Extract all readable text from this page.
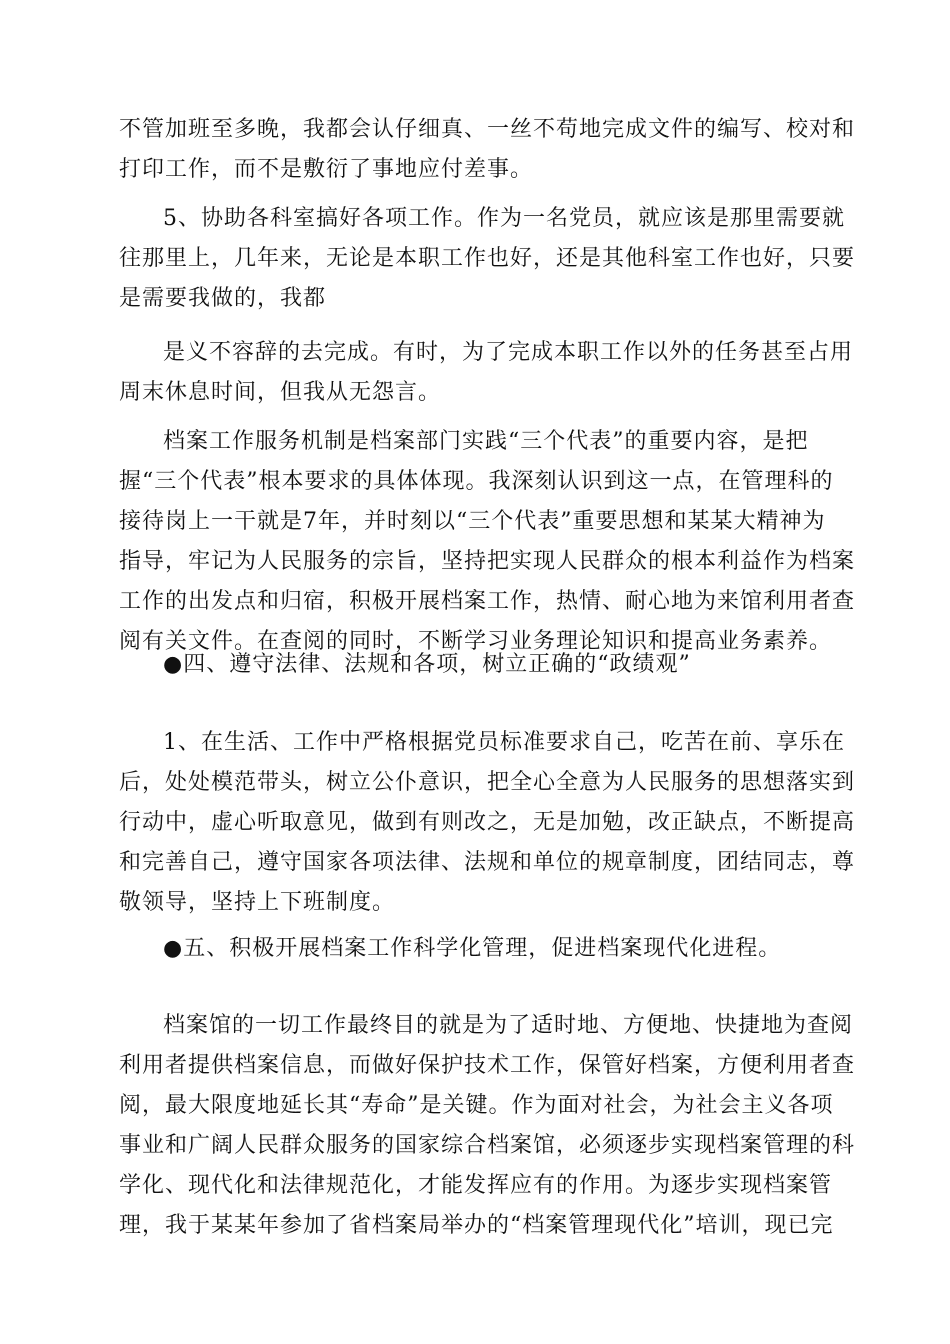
不管加班至多晚，我都会认仔细真、一丝不苟地完成文件的编写、校对和
打印工作，而不是敷衍了事地应付差事。
5、协助各科室搞好各项工作。作为一名党员，就应该是那里需要就
往那里上，几年来，无论是本职工作也好，还是其他科室工作也好，只要
是需要我做的，我都
是义不容辞的去完成。有时，为了完成本职工作以外的任务甚至占用
周末休息时间，但我从无怨言。
档案工作服务机制是档案部门实践“三个代表”的重要内容，是把
握“三个代表”根本要求的具体体现。我深刻认识到这一点，在管理科的
接待岗上一干就是7年，并时刻以“三个代表”重要思想和某某大精神为
指导，牢记为人民服务的宗旨，坚持把实现人民群众的根本利益作为档案
工作的出发点和归宿，积极开展档案工作，热情、耐心地为来馆利用者查
阅有关文件。在查阅的同时，不断学习业务理论知识和提高业务素养。
●四、遵守法律、法规和各项，树立正确的“政绩观”
1、在生活、工作中严格根据党员标准要求自己，吃苦在前、享乐在
后，处处模范带头，树立公仆意识，把全心全意为人民服务的思想落实到
行动中，虚心听取意见，做到有则改之，无是加勉，改正缺点，不断提高
和完善自己，遵守国家各项法律、法规和单位的规章制度，团结同志，尊
敬领导，坚持上下班制度。
●五、积极开展档案工作科学化管理，促进档案现代化进程。
档案馆的一切工作最终目的就是为了适时地、方便地、快捷地为查阅
利用者提供档案信息，而做好保护技术工作，保管好档案，方便利用者查
阅，最大限度地延长其“寿命”是关键。作为面对社会，为社会主义各项
事业和广阔人民群众服务的国家综合档案馆，必须逐步实现档案管理的科
学化、现代化和法律规范化，才能发挥应有的作用。为逐步实现档案管
理，我于某某年参加了省档案局举办的“档案管理现代化”培训，现已完
